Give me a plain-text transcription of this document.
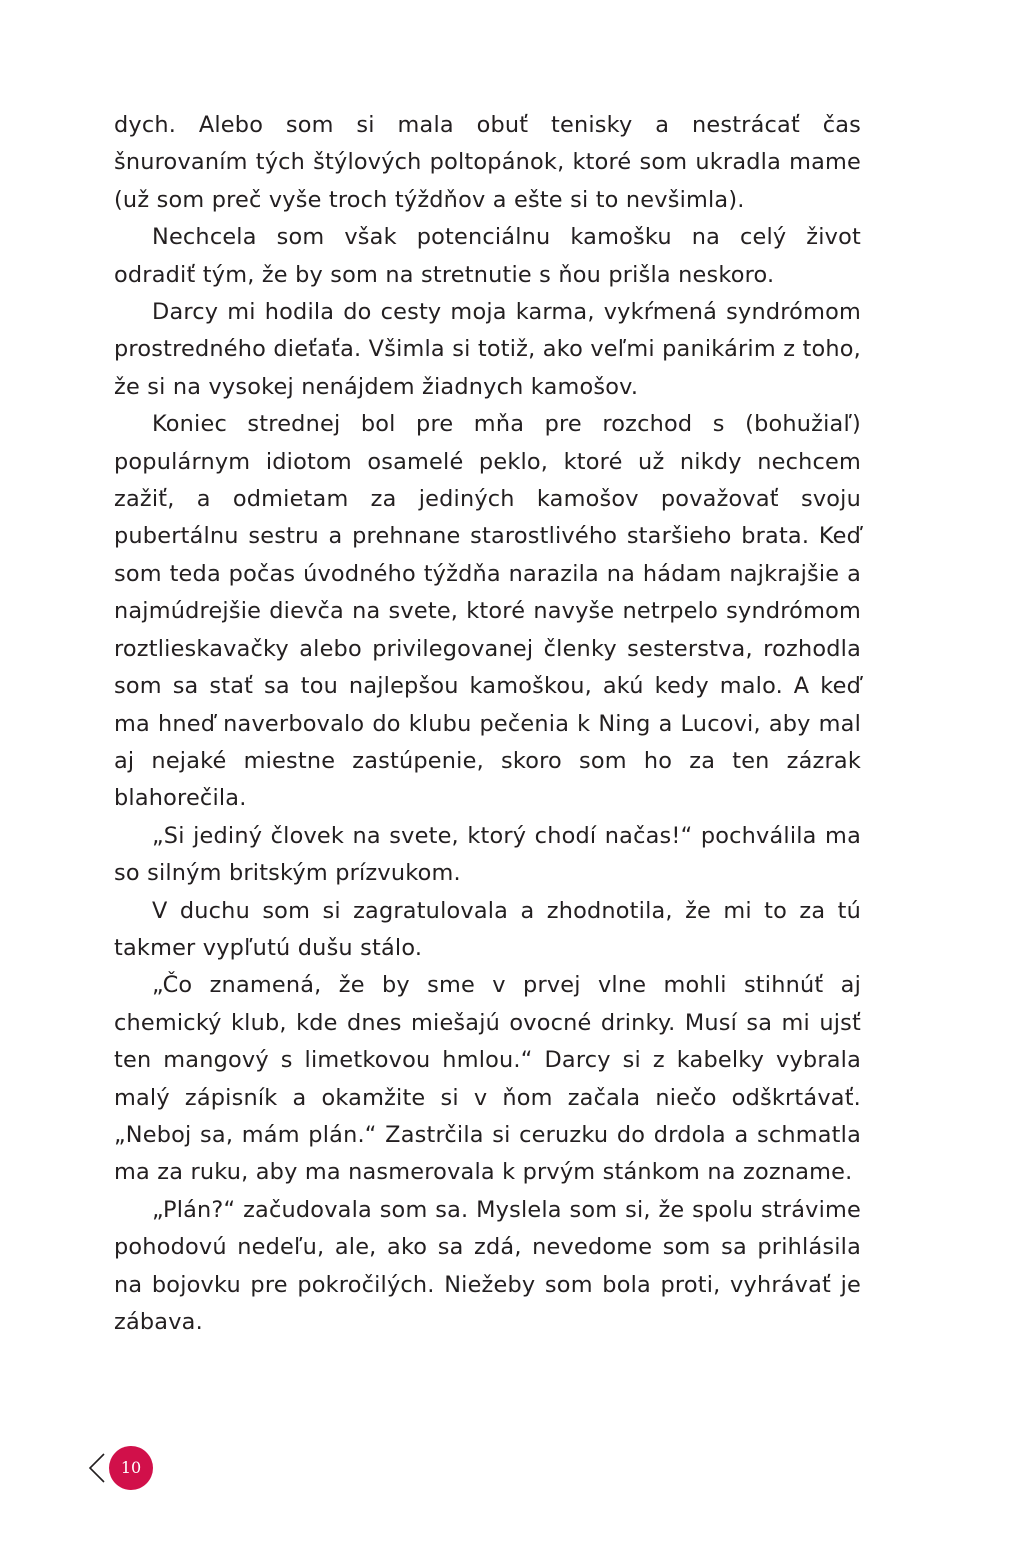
dych. Alebo som si mala obuť tenisky a nestrácať čas šnurovaním tých štýlových poltopánok, ktoré som ukradla mame (už som preč vyše troch týždňov a ešte si to nevšimla).

Nechcela som však potenciálnu kamošku na celý život odradiť tým, že by som na stretnutie s ňou prišla neskoro.

Darcy mi hodila do cesty moja karma, vykŕmená syndrómom prostredného dieťaťa. Všimla si totiž, ako veľmi panikárim z toho, že si na vysokej nenájdem žiadnych kamošov.

Koniec strednej bol pre mňa pre rozchod s (bohužiaľ) populárnym idiotom osamelé peklo, ktoré už nikdy nechcem zažiť, a odmietam za jediných kamošov považovať svoju pubertálnu sestru a prehnane starostlivého staršieho brata. Keď som teda počas úvodného týždňa narazila na hádam najkrajšie a najmúdrejšie dievča na svete, ktoré navyše netrpelo syndrómom roztlieskavačky alebo privilegovanej členky sesterstva, rozhodla som sa stať sa tou najlepšou kamoškou, akú kedy malo. A keď ma hneď naverbovalo do klubu pečenia k Ning a Lucovi, aby mal aj nejaké miestne zastúpenie, skoro som ho za ten zázrak blahorečila.

„Si jediný človek na svete, ktorý chodí načas!“ pochválila ma so silným britským prízvukom.

V duchu som si zagratulovala a zhodnotila, že mi to za tú takmer vypľutú dušu stálo.

„Čo znamená, že by sme v prvej vlne mohli stihnúť aj chemický klub, kde dnes miešajú ovocné drinky. Musí sa mi ujsť ten mangový s limetkovou hmlou.“ Darcy si z kabelky vybrala malý zápisník a okamžite si v ňom začala niečo odškrtávať. „Neboj sa, mám plán.“ Zastrčila si ceruzku do drdola a schmatla ma za ruku, aby ma nasmerovala k prvým stánkom na zozname.

„Plán?“ začudovala som sa. Myslela som si, že spolu strávime pohodovú nedeľu, ale, ako sa zdá, nevedome som sa prihlásila na bojovku pre pokročilých. Niežeby som bola proti, vyhrávať je zábava.

10
